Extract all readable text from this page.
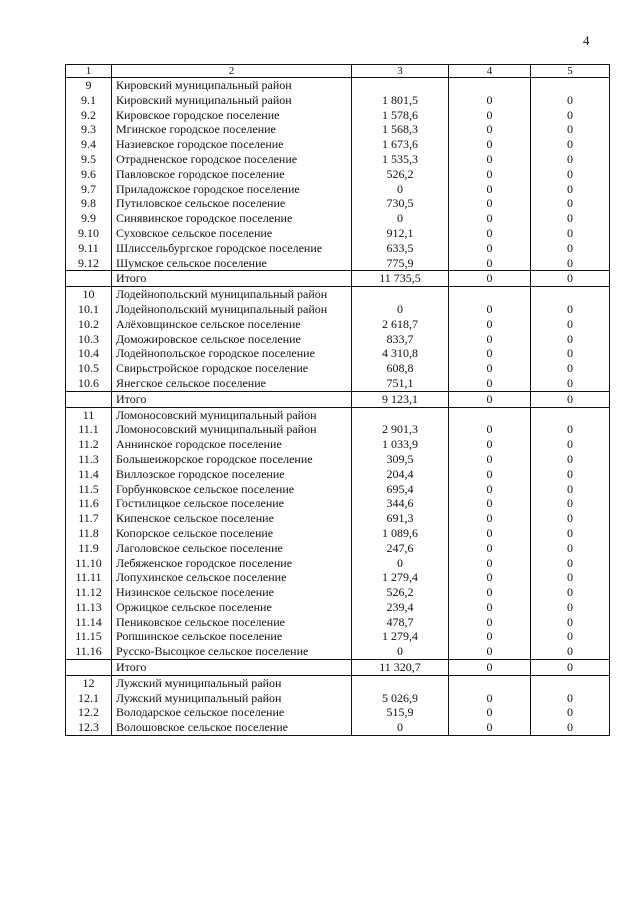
4
1	2	3	4	5
9	Кировский муниципальный район			
9.1	Кировский муниципальный район	1 801,5	0	0
9.2	Кировское городское поселение	1 578,6	0	0
9.3	Мгинское городское поселение	1 568,3	0	0
9.4	Назиевское городское поселение	1 673,6	0	0
9.5	Отрадненское городское поселение	1 535,3	0	0
9.6	Павловское городское поселение	526,2	0	0
9.7	Приладожское городское поселение	0	0	0
9.8	Путиловское сельское поселение	730,5	0	0
9.9	Синявинское городское поселение	0	0	0
9.10	Суховское сельское поселение	912,1	0	0
9.11	Шлиссельбургское городское поселение	633,5	0	0
9.12	Шумское сельское поселение	775,9	0	0
	Итого	11 735,5	0	0
10	Лодейнопольский муниципальный район			
10.1	Лодейнопольский муниципальный район	0	0	0
10.2	Алёховщинское сельское поселение	2 618,7	0	0
10.3	Доможировское сельское поселение	833,7	0	0
10.4	Лодейнопольское городское поселение	4 310,8	0	0
10.5	Свирьстройское городское поселение	608,8	0	0
10.6	Янегское сельское поселение	751,1	0	0
	Итого	9 123,1	0	0
11	Ломоносовский муниципальный район			
11.1	Ломоносовский муниципальный район	2 901,3	0	0
11.2	Аннинское городское поселение	1 033,9	0	0
11.3	Большеижорское городское поселение	309,5	0	0
11.4	Виллозское городское поселение	204,4	0	0
11.5	Горбунковское сельское поселение	695,4	0	0
11.6	Гостилицкое сельское поселение	344,6	0	0
11.7	Кипенское сельское поселение	691,3	0	0
11.8	Копорское сельское поселение	1 089,6	0	0
11.9	Лаголовское сельское поселение	247,6	0	0
11.10	Лебяженское городское поселение	0	0	0
11.11	Лопухинское сельское поселение	1 279,4	0	0
11.12	Низинское сельское поселение	526,2	0	0
11.13	Оржицкое сельское поселение	239,4	0	0
11.14	Пениковское сельское поселение	478,7	0	0
11.15	Ропшинское сельское поселение	1 279,4	0	0
11.16	Русско-Высоцкое сельское поселение	0	0	0
	Итого	11 320,7	0	0
12	Лужский муниципальный район			
12.1	Лужский муниципальный район	5 026,9	0	0
12.2	Володарское сельское поселение	515,9	0	0
12.3	Волошовское сельское поселение	0	0	0
